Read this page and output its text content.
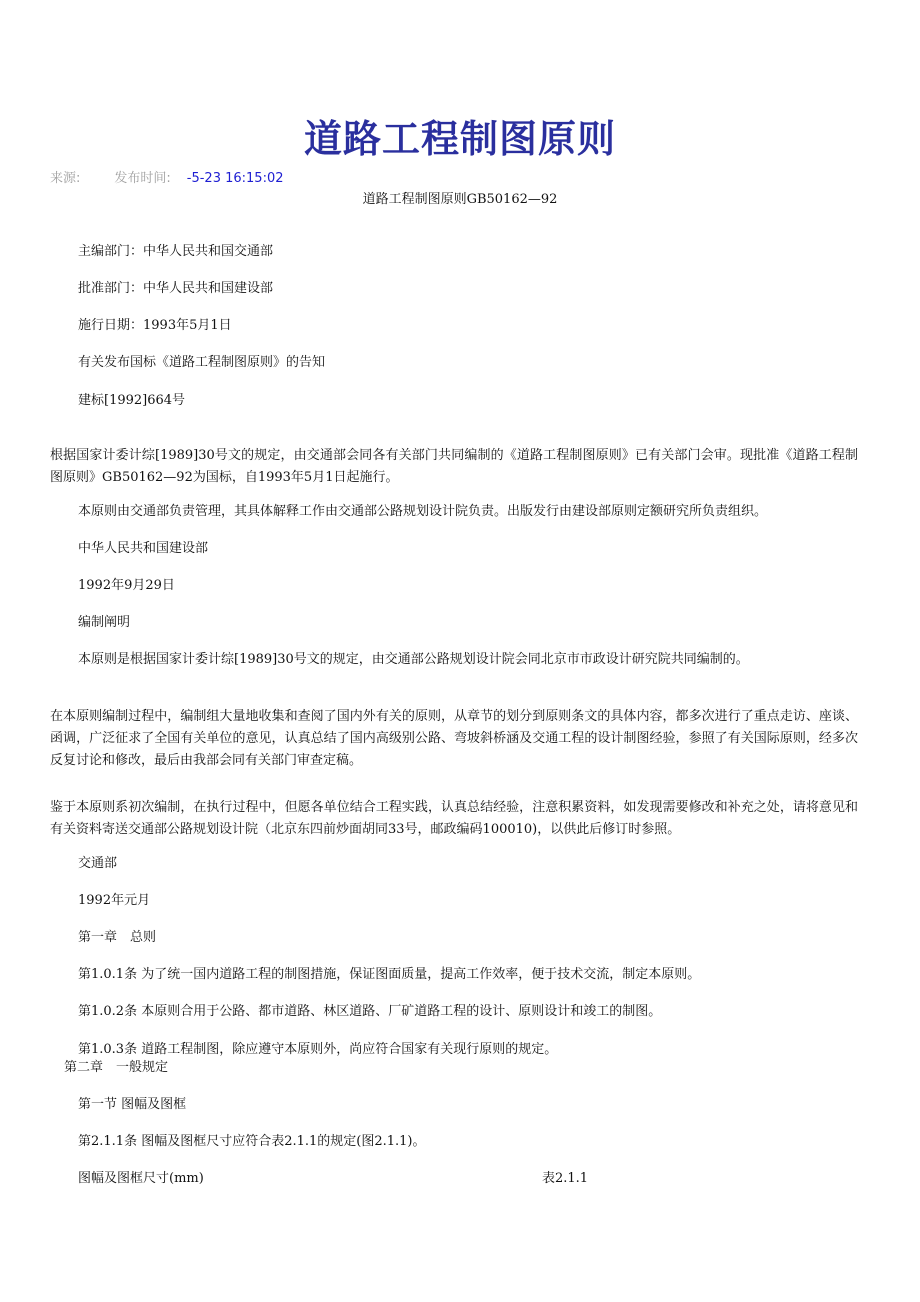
道路工程制图原则
来源:	发布时间: -5-23 16:15:02
道路工程制图原则GB50162—92
主编部门：中华人民共和国交通部
批准部门：中华人民共和国建设部
施行日期：1993年5月1日
有关发布国标《道路工程制图原则》的告知
建标[1992]664号
根据国家计委计综[1989]30号文的规定，由交通部会同各有关部门共同编制的《道路工程制图原则》已有关部门会审。现批准《道路工程制图原则》GB50162—92为国标，自1993年5月1日起施行。
本原则由交通部负责管理，其具体解释工作由交通部公路规划设计院负责。出版发行由建设部原则定额研究所负责组织。
中华人民共和国建设部
1992年9月29日
编制阐明
本原则是根据国家计委计综[1989]30号文的规定，由交通部公路规划设计院会同北京市市政设计研究院共同编制的。
在本原则编制过程中，编制组大量地收集和查阅了国内外有关的原则，从章节的划分到原则条文的具体内容，都多次进行了重点走访、座谈、函调，广泛征求了全国有关单位的意见，认真总结了国内高级别公路、弯坡斜桥涵及交通工程的设计制图经验，参照了有关国际原则，经多次反复讨论和修改，最后由我部会同有关部门审查定稿。
鉴于本原则系初次编制，在执行过程中，但愿各单位结合工程实践，认真总结经验，注意积累资料，如发现需要修改和补充之处，请将意见和有关资料寄送交通部公路规划设计院（北京东四前炒面胡同33号，邮政编码100010)，以供此后修订时参照。
交通部
1992年元月
第一章　总则
第1.0.1条 为了统一国内道路工程的制图措施，保证图面质量，提高工作效率，便于技术交流，制定本原则。
第1.0.2条 本原则合用于公路、都市道路、林区道路、厂矿道路工程的设计、原则设计和竣工的制图。
第1.0.3条 道路工程制图，除应遵守本原则外，尚应符合国家有关现行原则的规定。
第二章　一般规定
第一节 图幅及图框
第2.1.1条 图幅及图框尺寸应符合表2.1.1的规定(图2.1.1)。
图幅及图框尺寸(mm)	表2.1.1
